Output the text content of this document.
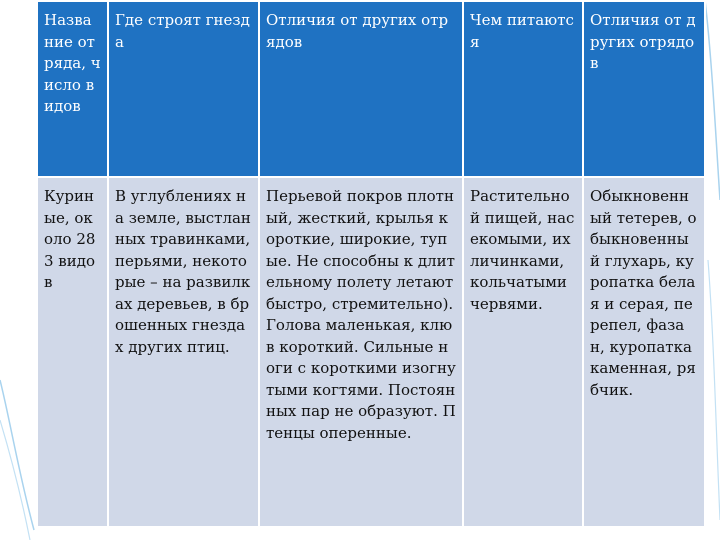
Название отряда, число видов	Где строят гнезда	Отличия от других отрядов	Чем питаются	Отличия от других отрядов
Куриные, около 283 видов	В углублениях на земле, выстланных травинками, перьями, некоторые – на развилках деревьев, в брошенных гнездах других птиц.	Перьевой покров плотный, жесткий, крылья короткие, широкие, тупые. Не способны к длительному полету летают быстро, стремительно). Голова маленькая, клюв короткий. Сильные ноги с короткими изогнутыми когтями. Постоянных пар не образуют. Птенцы оперенные.	Растительной пищей, насекомыми, их личинками, кольчатыми червями.	Обыкновенный тетерев, обыкновенный глухарь, куропатка белая и серая, перепел, фазан, куропатка каменная, рябчик.
